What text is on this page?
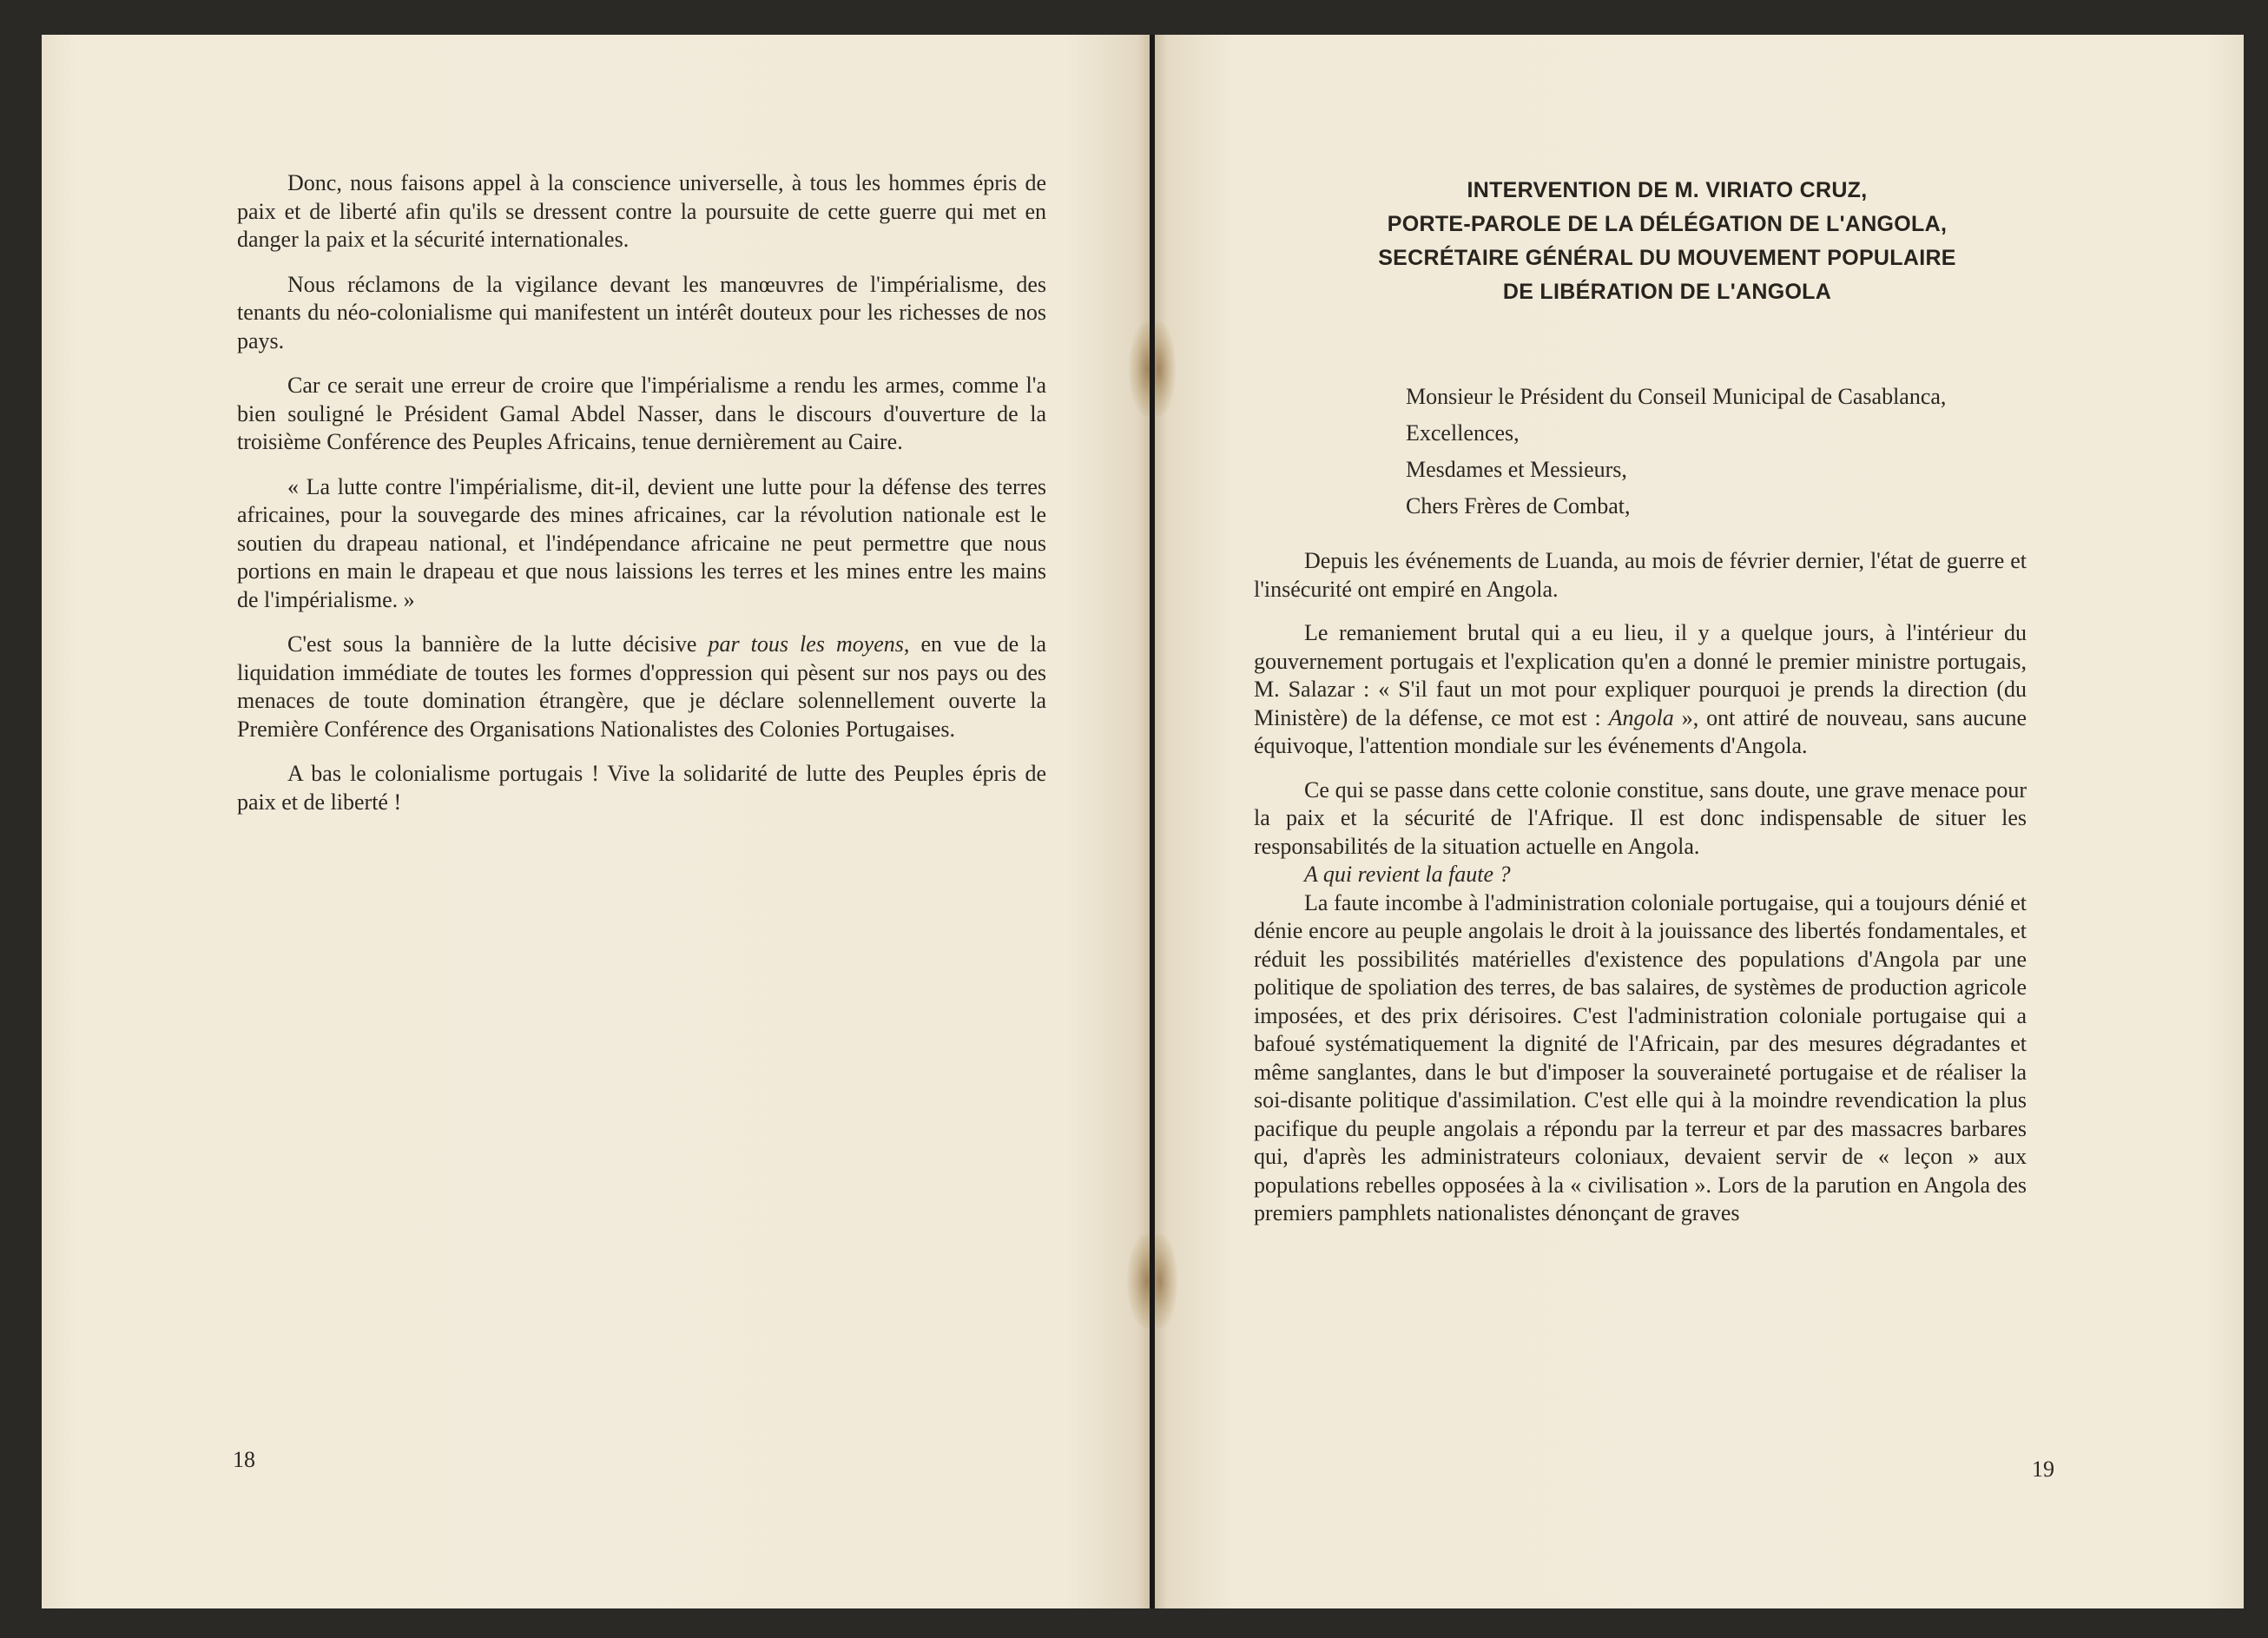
Donc, nous faisons appel à la conscience universelle, à tous les hommes épris de paix et de liberté afin qu'ils se dressent contre la poursuite de cette guerre qui met en danger la paix et la sécurité internationales.

Nous réclamons de la vigilance devant les manœuvres de l'impérialisme, des tenants du néo-colonialisme qui manifestent un intérêt douteux pour les richesses de nos pays.

Car ce serait une erreur de croire que l'impérialisme a rendu les armes, comme l'a bien souligné le Président Gamal Abdel Nasser, dans le discours d'ouverture de la troisième Conférence des Peuples Africains, tenue dernièrement au Caire.

« La lutte contre l'impérialisme, dit-il, devient une lutte pour la défense des terres africaines, pour la souvegarde des mines africaines, car la révolution nationale est le soutien du drapeau national, et l'indépendance africaine ne peut permettre que nous portions en main le drapeau et que nous laissions les terres et les mines entre les mains de l'impérialisme. »

C'est sous la bannière de la lutte décisive par tous les moyens, en vue de la liquidation immédiate de toutes les formes d'oppression qui pèsent sur nos pays ou des menaces de toute domination étrangère, que je déclare solennellement ouverte la Première Conférence des Organisations Nationalistes des Colonies Portugaises.

A bas le colonialisme portugais ! Vive la solidarité de lutte des Peuples épris de paix et de liberté !

18
INTERVENTION DE M. VIRIATO CRUZ,
PORTE-PAROLE DE LA DÉLÉGATION DE L'ANGOLA,
SECRÉTAIRE GÉNÉRAL DU MOUVEMENT POPULAIRE
DE LIBÉRATION DE L'ANGOLA
Monsieur le Président du Conseil Municipal de Casablanca,
Excellences,
Mesdames et Messieurs,
Chers Frères de Combat,

Depuis les événements de Luanda, au mois de février dernier, l'état de guerre et l'insécurité ont empiré en Angola.

Le remaniement brutal qui a eu lieu, il y a quelque jours, à l'intérieur du gouvernement portugais et l'explication qu'en a donné le premier ministre portugais, M. Salazar : « S'il faut un mot pour expliquer pourquoi je prends la direction (du Ministère) de la défense, ce mot est : Angola », ont attiré de nouveau, sans aucune équivoque, l'attention mondiale sur les événements d'Angola.

Ce qui se passe dans cette colonie constitue, sans doute, une grave menace pour la paix et la sécurité de l'Afrique. Il est donc indispensable de situer les responsabilités de la situation actuelle en Angola.

A qui revient la faute ?

La faute incombe à l'administration coloniale portugaise, qui a toujours dénié et dénie encore au peuple angolais le droit à la jouissance des libertés fondamentales, et réduit les possibilités matérielles d'existence des populations d'Angola par une politique de spoliation des terres, de bas salaires, de systèmes de production agricole imposées, et des prix dérisoires. C'est l'administration coloniale portugaise qui a bafoué systématiquement la dignité de l'Africain, par des mesures dégradantes et même sanglantes, dans le but d'imposer la souveraineté portugaise et de réaliser la soi-disante politique d'assimilation. C'est elle qui à la moindre revendication la plus pacifique du peuple angolais a répondu par la terreur et par des massacres barbares qui, d'après les administrateurs coloniaux, devaient servir de « leçon » aux populations rebelles opposées à la « civilisation ». Lors de la parution en Angola des premiers pamphlets nationalistes dénonçant de graves

19
